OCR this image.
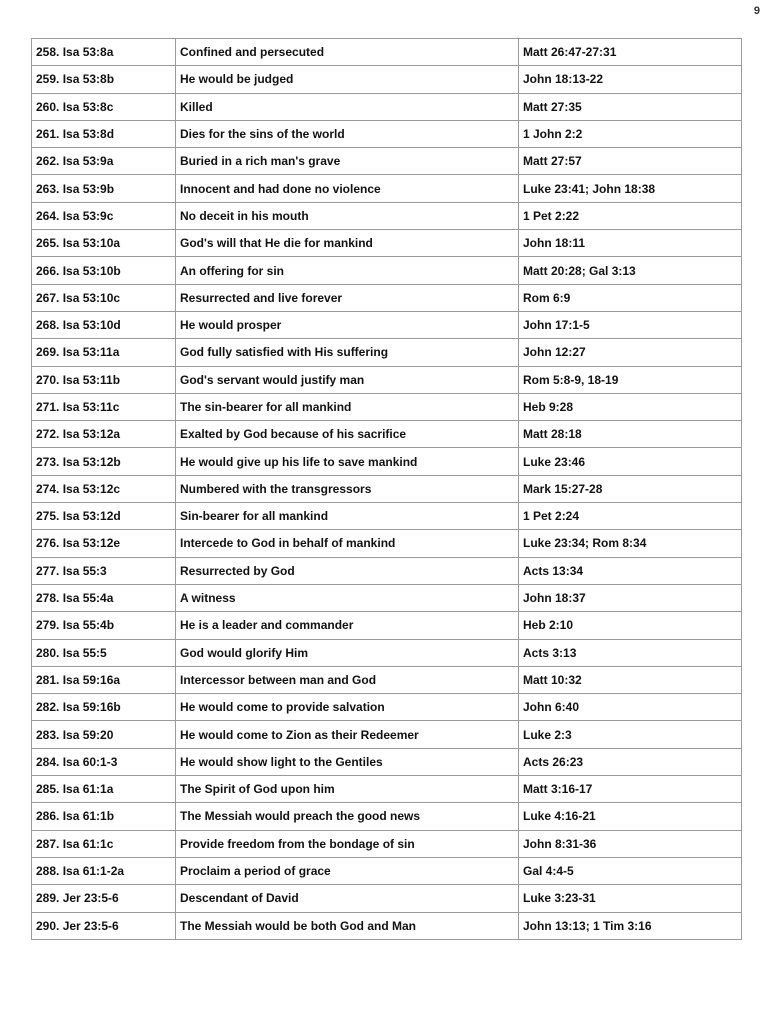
9
258. Isa 53:8a	Confined and persecuted	Matt 26:47-27:31
259. Isa 53:8b	He would be judged	John 18:13-22
260. Isa 53:8c	Killed	Matt 27:35
261. Isa 53:8d	Dies for the sins of the world	1 John 2:2
262. Isa 53:9a	Buried in a rich man's grave	Matt 27:57
263. Isa 53:9b	Innocent and had done no violence	Luke 23:41; John 18:38
264. Isa 53:9c	No deceit in his mouth	1 Pet 2:22
265. Isa 53:10a	God's will that He die for mankind	John 18:11
266. Isa 53:10b	An offering for sin	Matt 20:28; Gal 3:13
267. Isa 53:10c	Resurrected and live forever	Rom 6:9
268. Isa 53:10d	He would prosper	John 17:1-5
269. Isa 53:11a	God fully satisfied with His suffering	John 12:27
270. Isa 53:11b	God's servant would justify man	Rom 5:8-9, 18-19
271. Isa 53:11c	The sin-bearer for all mankind	Heb 9:28
272. Isa 53:12a	Exalted by God because of his sacrifice	Matt 28:18
273. Isa 53:12b	He would give up his life to save mankind	Luke 23:46
274. Isa 53:12c	Numbered with the transgressors	Mark 15:27-28
275. Isa 53:12d	Sin-bearer for all mankind	1 Pet 2:24
276. Isa 53:12e	Intercede to God in behalf of mankind	Luke 23:34; Rom 8:34
277. Isa 55:3	Resurrected by God	Acts 13:34
278. Isa 55:4a	A witness	John 18:37
279. Isa 55:4b	He is a leader and commander	Heb 2:10
280. Isa 55:5	God would glorify Him	Acts 3:13
281. Isa 59:16a	Intercessor between man and God	Matt 10:32
282. Isa 59:16b	He would come to provide salvation	John 6:40
283. Isa 59:20	He would come to Zion as their Redeemer	Luke 2:3
284. Isa 60:1-3	He would show light to the Gentiles	Acts 26:23
285. Isa 61:1a	The Spirit of God upon him	Matt 3:16-17
286. Isa 61:1b	The Messiah would preach the good news	Luke 4:16-21
287. Isa 61:1c	Provide freedom from the bondage of sin	John 8:31-36
288. Isa 61:1-2a	Proclaim a period of grace	Gal 4:4-5
289. Jer 23:5-6	Descendant of David	Luke 3:23-31
290. Jer 23:5-6	The Messiah would be both God and Man	John 13:13; 1 Tim 3:16
